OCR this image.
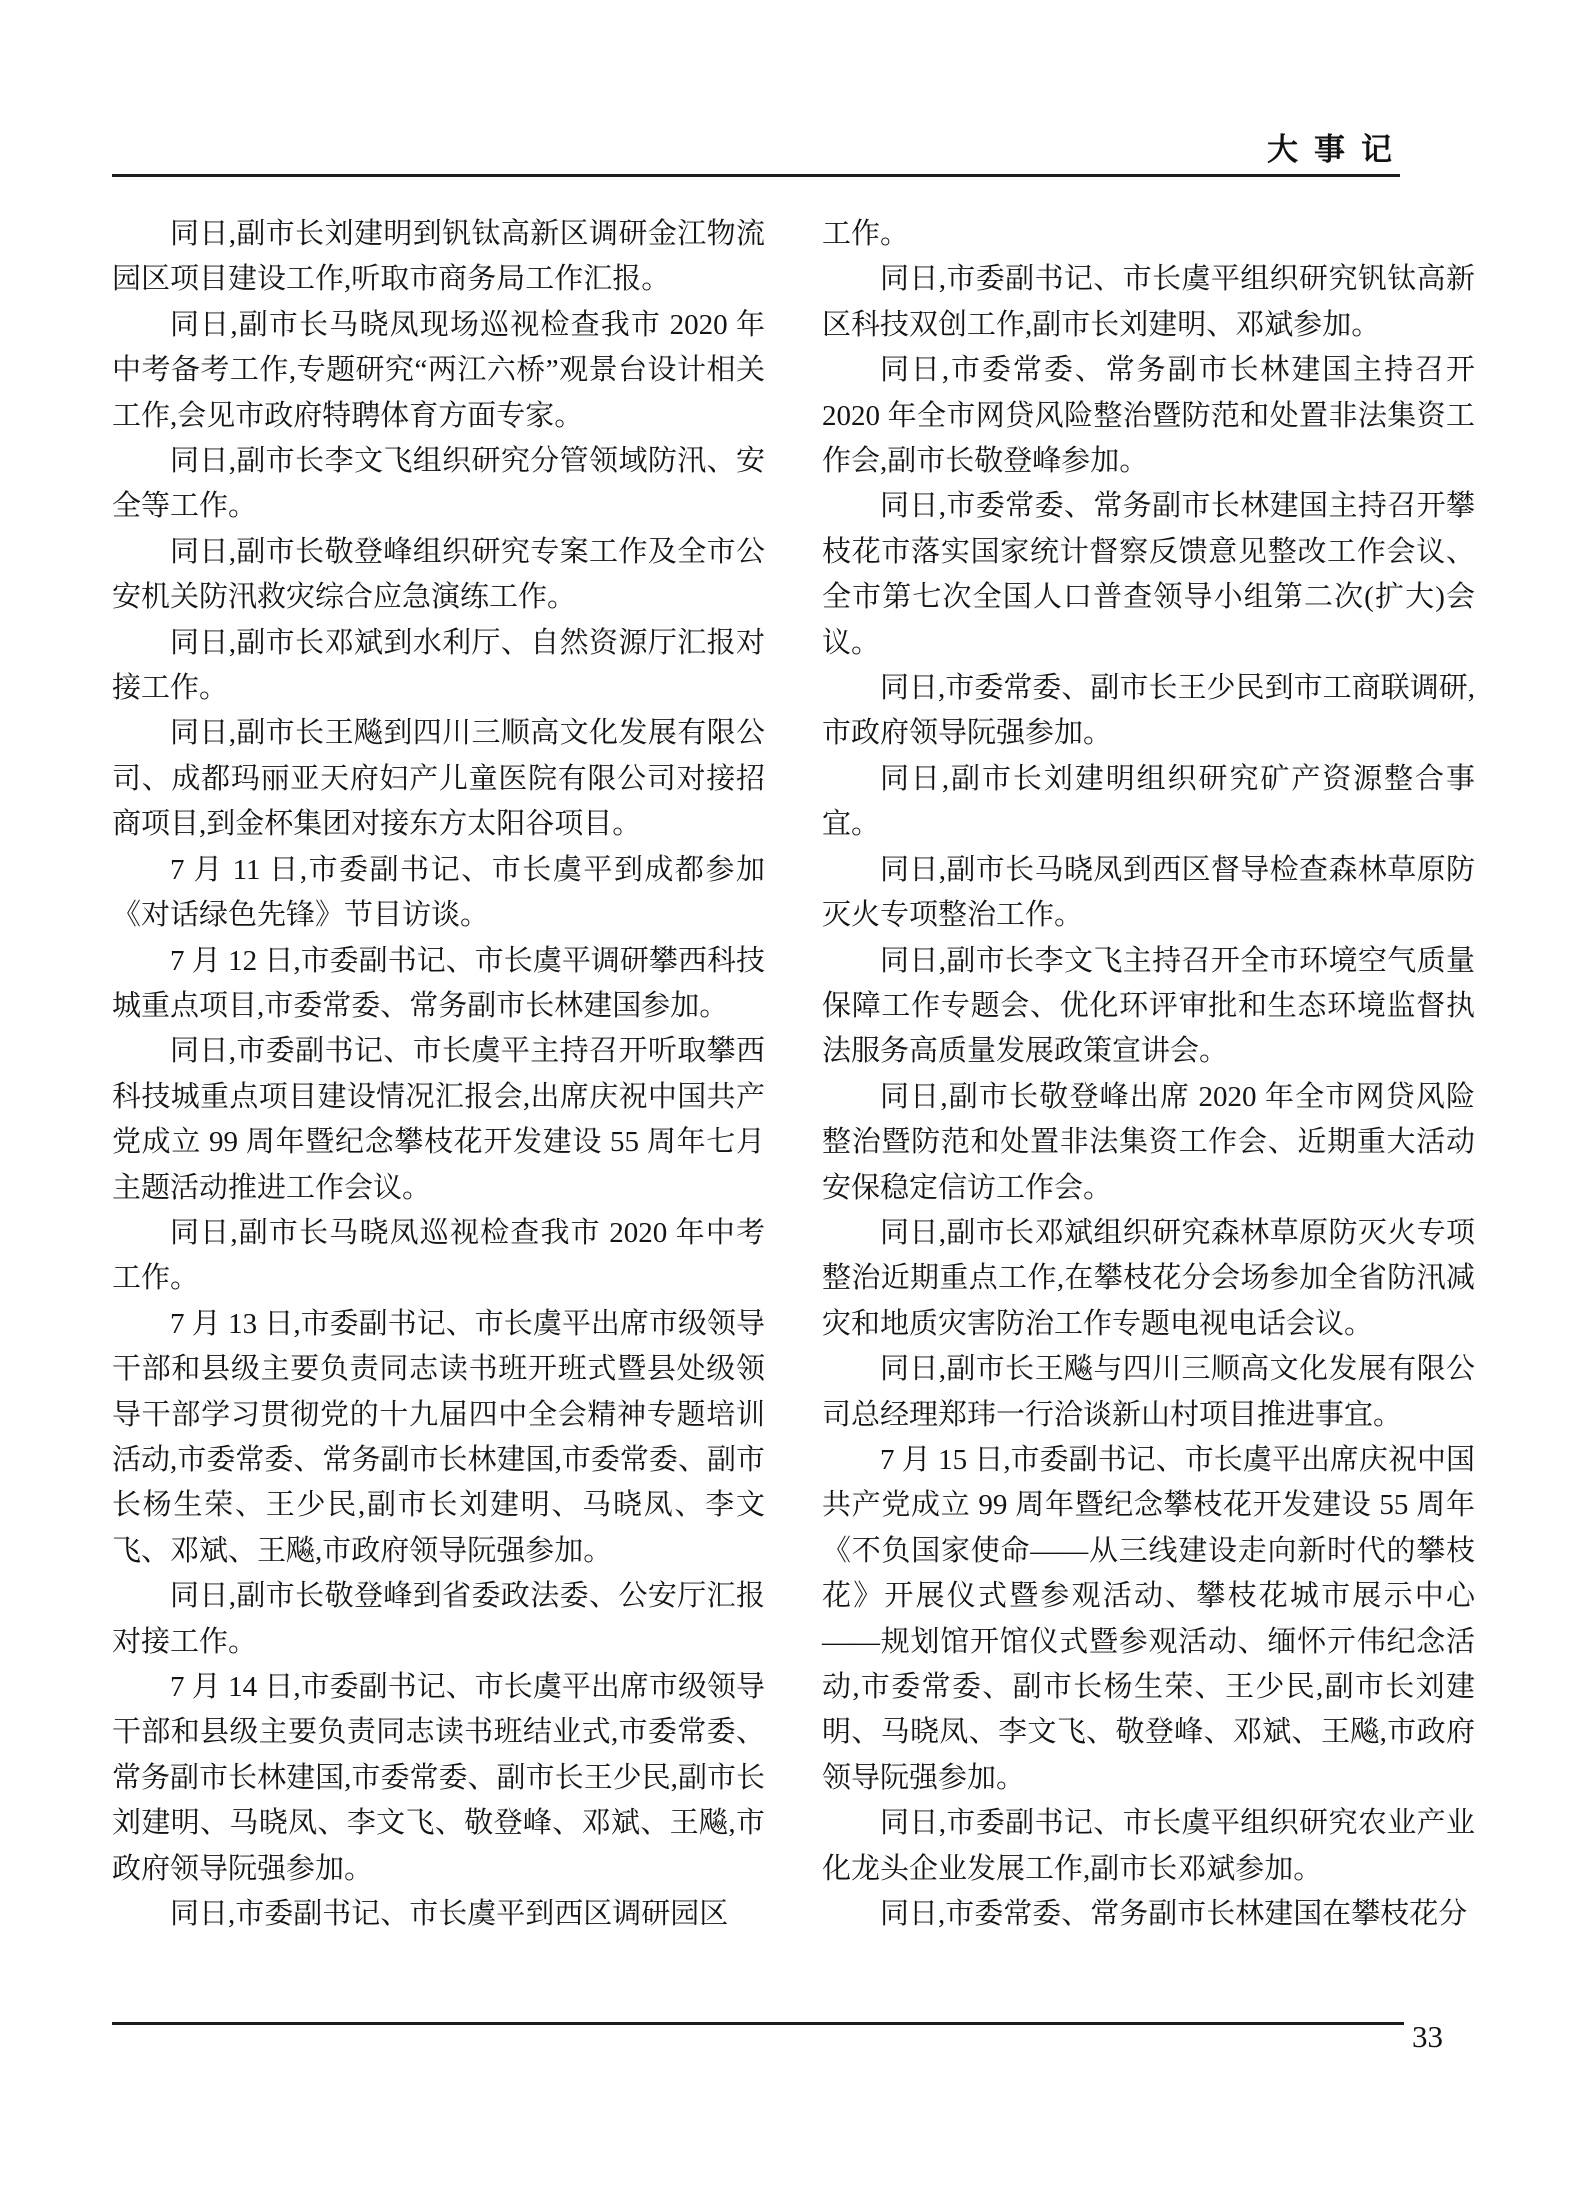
大事记

同日,副市长刘建明到钒钛高新区调研金江物流园区项目建设工作,听取市商务局工作汇报。

同日,副市长马晓凤现场巡视检查我市 2020 年中考备考工作,专题研究“两江六桥”观景台设计相关工作,会见市政府特聘体育方面专家。

同日,副市长李文飞组织研究分管领域防汛、安全等工作。

同日,副市长敬登峰组织研究专案工作及全市公安机关防汛救灾综合应急演练工作。

同日,副市长邓斌到水利厅、自然资源厅汇报对接工作。

同日,副市长王飚到四川三顺高文化发展有限公司、成都玛丽亚天府妇产儿童医院有限公司对接招商项目,到金杯集团对接东方太阳谷项目。

7 月 11 日,市委副书记、市长虞平到成都参加《对话绿色先锋》节目访谈。

7 月 12 日,市委副书记、市长虞平调研攀西科技城重点项目,市委常委、常务副市长林建国参加。

同日,市委副书记、市长虞平主持召开听取攀西科技城重点项目建设情况汇报会,出席庆祝中国共产党成立 99 周年暨纪念攀枝花开发建设 55 周年七月主题活动推进工作会议。

同日,副市长马晓凤巡视检查我市 2020 年中考工作。

7 月 13 日,市委副书记、市长虞平出席市级领导干部和县级主要负责同志读书班开班式暨县处级领导干部学习贯彻党的十九届四中全会精神专题培训活动,市委常委、常务副市长林建国,市委常委、副市长杨生荣、王少民,副市长刘建明、马晓凤、李文飞、邓斌、王飚,市政府领导阮强参加。

同日,副市长敬登峰到省委政法委、公安厅汇报对接工作。

7 月 14 日,市委副书记、市长虞平出席市级领导干部和县级主要负责同志读书班结业式,市委常委、常务副市长林建国,市委常委、副市长王少民,副市长刘建明、马晓凤、李文飞、敬登峰、邓斌、王飚,市政府领导阮强参加。

同日,市委副书记、市长虞平到西区调研园区

工作。

同日,市委副书记、市长虞平组织研究钒钛高新区科技双创工作,副市长刘建明、邓斌参加。

同日,市委常委、常务副市长林建国主持召开2020 年全市网贷风险整治暨防范和处置非法集资工作会,副市长敬登峰参加。

同日,市委常委、常务副市长林建国主持召开攀枝花市落实国家统计督察反馈意见整改工作会议、全市第七次全国人口普查领导小组第二次(扩大)会议。

同日,市委常委、副市长王少民到市工商联调研,市政府领导阮强参加。

同日,副市长刘建明组织研究矿产资源整合事宜。

同日,副市长马晓凤到西区督导检查森林草原防灭火专项整治工作。

同日,副市长李文飞主持召开全市环境空气质量保障工作专题会、优化环评审批和生态环境监督执法服务高质量发展政策宣讲会。

同日,副市长敬登峰出席 2020 年全市网贷风险整治暨防范和处置非法集资工作会、近期重大活动安保稳定信访工作会。

同日,副市长邓斌组织研究森林草原防灭火专项整治近期重点工作,在攀枝花分会场参加全省防汛减灾和地质灾害防治工作专题电视电话会议。

同日,副市长王飚与四川三顺高文化发展有限公司总经理郑玮一行洽谈新山村项目推进事宜。

7 月 15 日,市委副书记、市长虞平出席庆祝中国共产党成立 99 周年暨纪念攀枝花开发建设 55 周年《不负国家使命——从三线建设走向新时代的攀枝花》开展仪式暨参观活动、攀枝花城市展示中心——规划馆开馆仪式暨参观活动、缅怀亓伟纪念活动,市委常委、副市长杨生荣、王少民,副市长刘建明、马晓凤、李文飞、敬登峰、邓斌、王飚,市政府领导阮强参加。

同日,市委副书记、市长虞平组织研究农业产业化龙头企业发展工作,副市长邓斌参加。

同日,市委常委、常务副市长林建国在攀枝花分

33
